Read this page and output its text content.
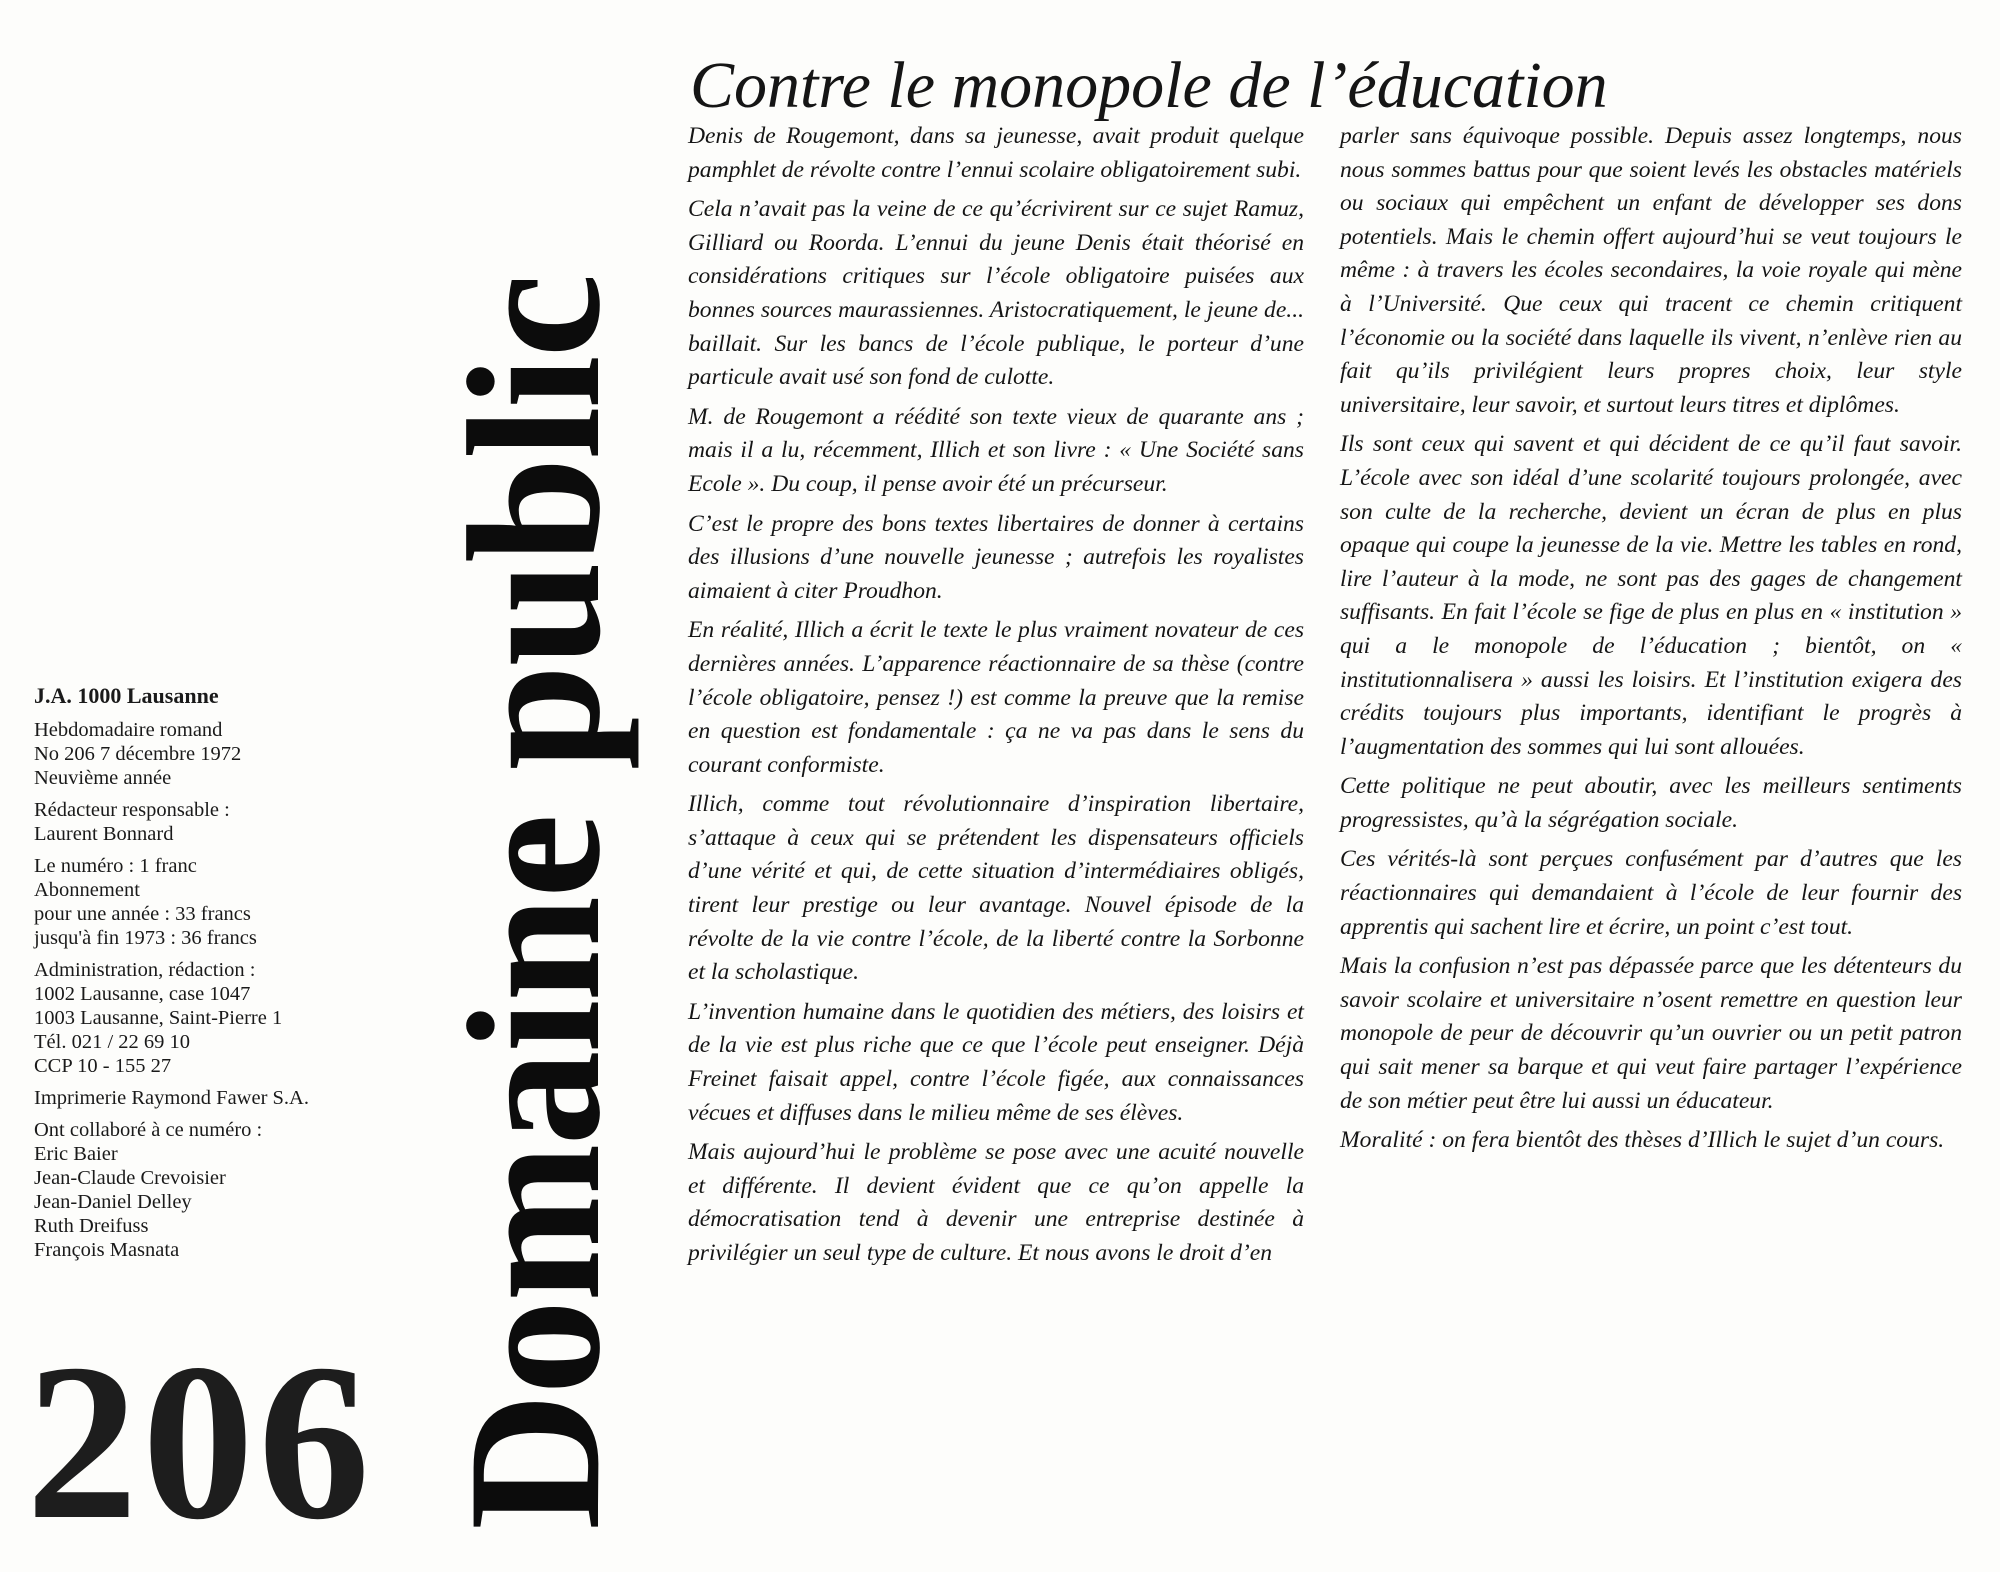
J.A. 1000 Lausanne
Hebdomadaire romand
No 206 7 décembre 1972
Neuvième année
Rédacteur responsable :
Laurent Bonnard
Le numéro : 1 franc
Abonnement
pour une année : 33 francs
jusqu'à fin 1973 : 36 francs
Administration, rédaction :
1002 Lausanne, case 1047
1003 Lausanne, Saint-Pierre 1
Tél. 021 / 22 69 10
CCP 10 - 155 27
Imprimerie Raymond Fawer S.A.
Ont collaboré à ce numéro :
Eric Baier
Jean-Claude Crevoisier
Jean-Daniel Delley
Ruth Dreifuss
François Masnata
206 Domaine public
Contre le monopole de l’éducation

Denis de Rougemont, dans sa jeunesse, avait produit quelque pamphlet de révolte contre l’ennui scolaire obligatoirement subi.

Cela n’avait pas la veine de ce qu’écrivirent sur ce sujet Ramuz, Gilliard ou Roorda. L’ennui du jeune Denis était théorisé en considérations critiques sur l’école obligatoire puisées aux bonnes sources maurassiennes. Aristocratiquement, le jeune de... baillait. Sur les bancs de l’école publique, le porteur d’une particule avait usé son fond de culotte.

M. de Rougemont a réédité son texte vieux de quarante ans ; mais il a lu, récemment, Illich et son livre : « Une Société sans Ecole ». Du coup, il pense avoir été un précurseur.

C’est le propre des bons textes libertaires de donner à certains des illusions d’une nouvelle jeunesse ; autrefois les royalistes aimaient à citer Proudhon.

En réalité, Illich a écrit le texte le plus vraiment novateur de ces dernières années. L’apparence réactionnaire de sa thèse (contre l’école obligatoire, pensez !) est comme la preuve que la remise en question est fondamentale : ça ne va pas dans le sens du courant conformiste.

Illich, comme tout révolutionnaire d’inspiration libertaire, s’attaque à ceux qui se prétendent les dispensateurs officiels d’une vérité et qui, de cette situation d’intermédiaires obligés, tirent leur prestige ou leur avantage. Nouvel épisode de la révolte de la vie contre l’école, de la liberté contre la Sorbonne et la scholastique.

L’invention humaine dans le quotidien des métiers, des loisirs et de la vie est plus riche que ce que l’école peut enseigner. Déjà Freinet faisait appel, contre l’école figée, aux connaissances vécues et diffuses dans le milieu même de ses élèves.

Mais aujourd’hui le problème se pose avec une acuité nouvelle et différente. Il devient évident que ce qu’on appelle la démocratisation tend à devenir une entreprise destinée à privilégier un seul type de culture. Et nous avons le droit d’en

parler sans équivoque possible. Depuis assez longtemps, nous nous sommes battus pour que soient levés les obstacles matériels ou sociaux qui empêchent un enfant de développer ses dons potentiels. Mais le chemin offert aujourd’hui se veut toujours le même : à travers les écoles secondaires, la voie royale qui mène à l’Université. Que ceux qui tracent ce chemin critiquent l’économie ou la société dans laquelle ils vivent, n’enlève rien au fait qu’ils privilégient leurs propres choix, leur style universitaire, leur savoir, et surtout leurs titres et diplômes.

Ils sont ceux qui savent et qui décident de ce qu’il faut savoir. L’école avec son idéal d’une scolarité toujours prolongée, avec son culte de la recherche, devient un écran de plus en plus opaque qui coupe la jeunesse de la vie. Mettre les tables en rond, lire l’auteur à la mode, ne sont pas des gages de changement suffisants. En fait l’école se fige de plus en plus en « institution » qui a le monopole de l’éducation ; bientôt, on « institutionnalisera » aussi les loisirs. Et l’institution exigera des crédits toujours plus importants, identifiant le progrès à l’augmentation des sommes qui lui sont allouées.

Cette politique ne peut aboutir, avec les meilleurs sentiments progressistes, qu’à la ségrégation sociale.

Ces vérités-là sont perçues confusément par d’autres que les réactionnaires qui demandaient à l’école de leur fournir des apprentis qui sachent lire et écrire, un point c’est tout.

Mais la confusion n’est pas dépassée parce que les détenteurs du savoir scolaire et universitaire n’osent remettre en question leur monopole de peur de découvrir qu’un ouvrier ou un petit patron qui sait mener sa barque et qui veut faire partager l’expérience de son métier peut être lui aussi un éducateur.

Moralité : on fera bientôt des thèses d’Illich le sujet d’un cours.
